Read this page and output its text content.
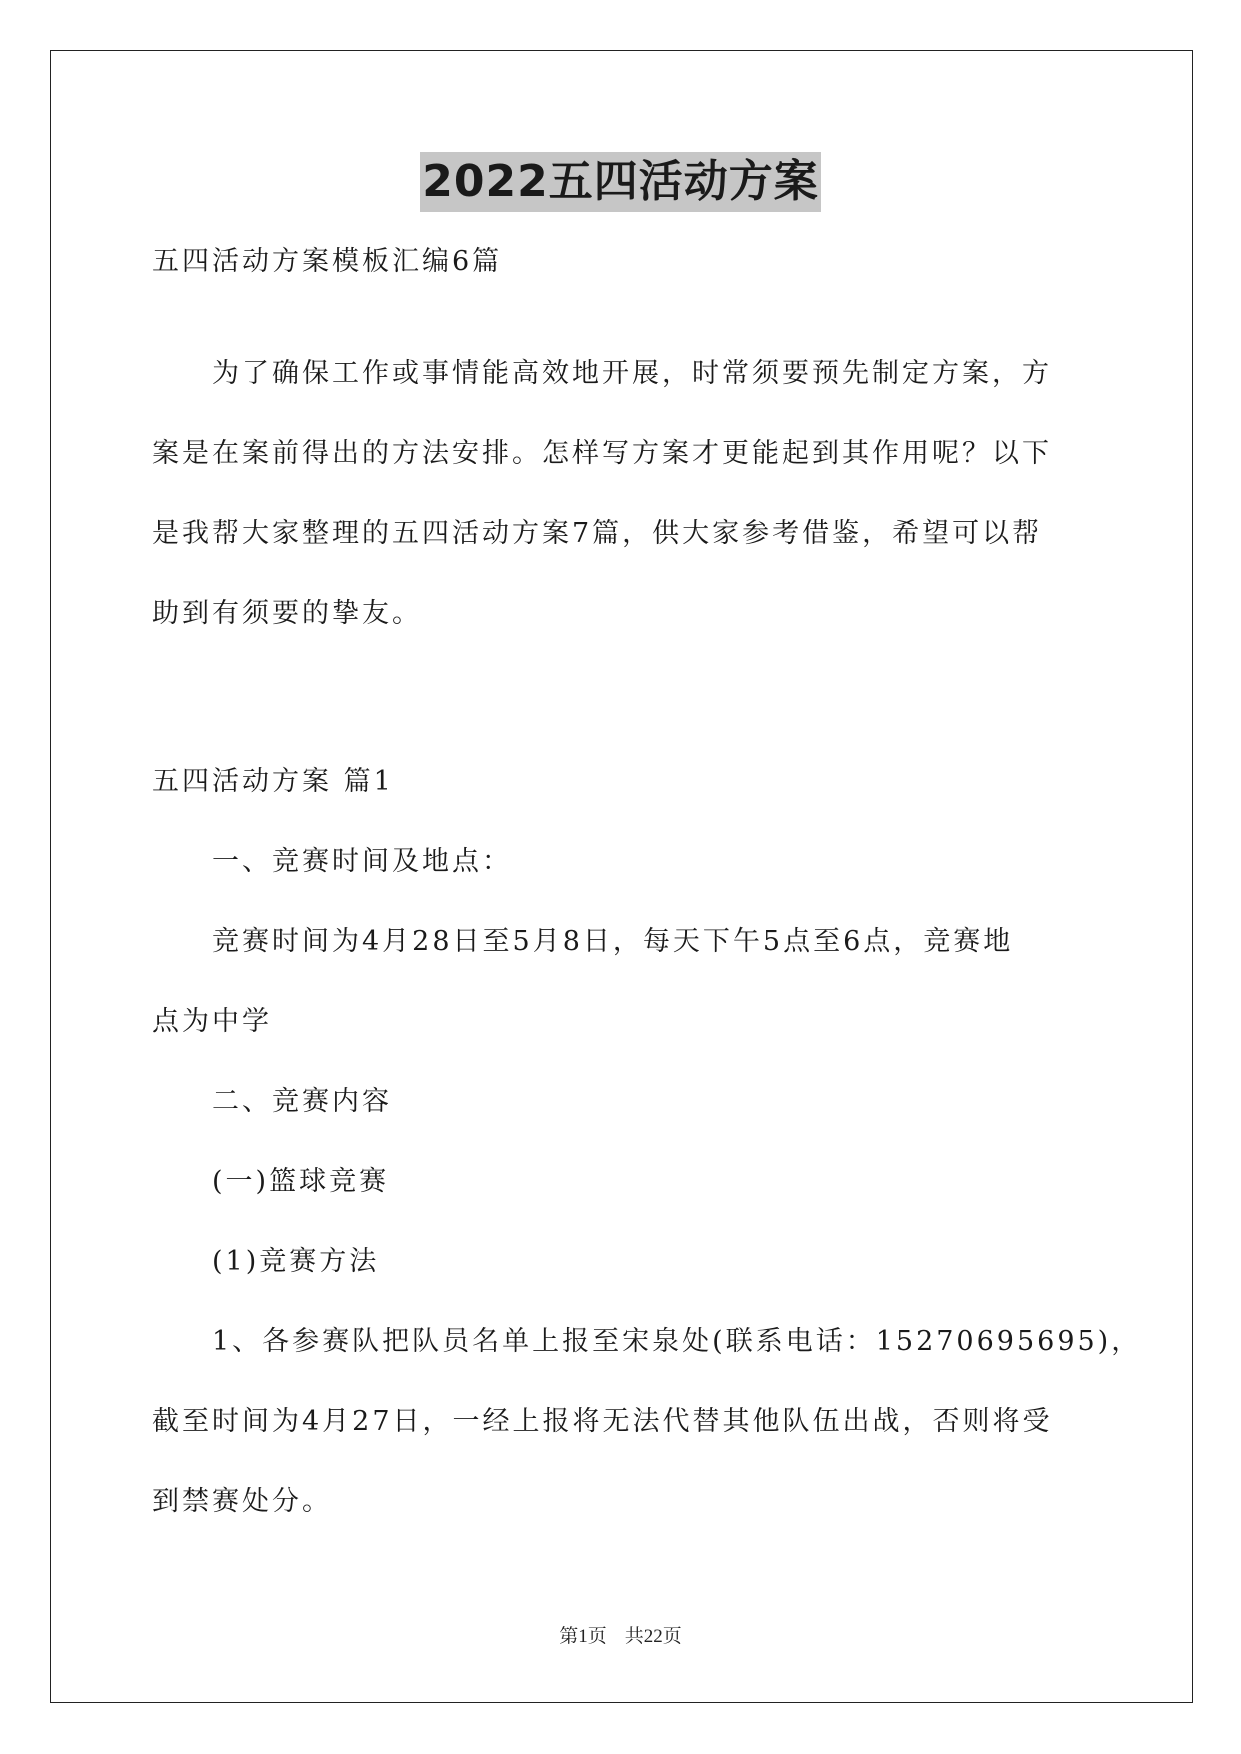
2022五四活动方案
五四活动方案模板汇编6篇
为了确保工作或事情能高效地开展，时常须要预先制定方案，方
案是在案前得出的方法安排。怎样写方案才更能起到其作用呢？以下
是我帮大家整理的五四活动方案7篇，供大家参考借鉴，希望可以帮
助到有须要的挚友。
五四活动方案 篇1
一、竞赛时间及地点：
竞赛时间为4月28日至5月8日，每天下午5点至6点，竞赛地
点为中学
二、竞赛内容
(一)篮球竞赛
(1)竞赛方法
1、各参赛队把队员名单上报至宋泉处(联系电话：15270695695)，
截至时间为4月27日，一经上报将无法代替其他队伍出战，否则将受
到禁赛处分。
第1页 共22页
